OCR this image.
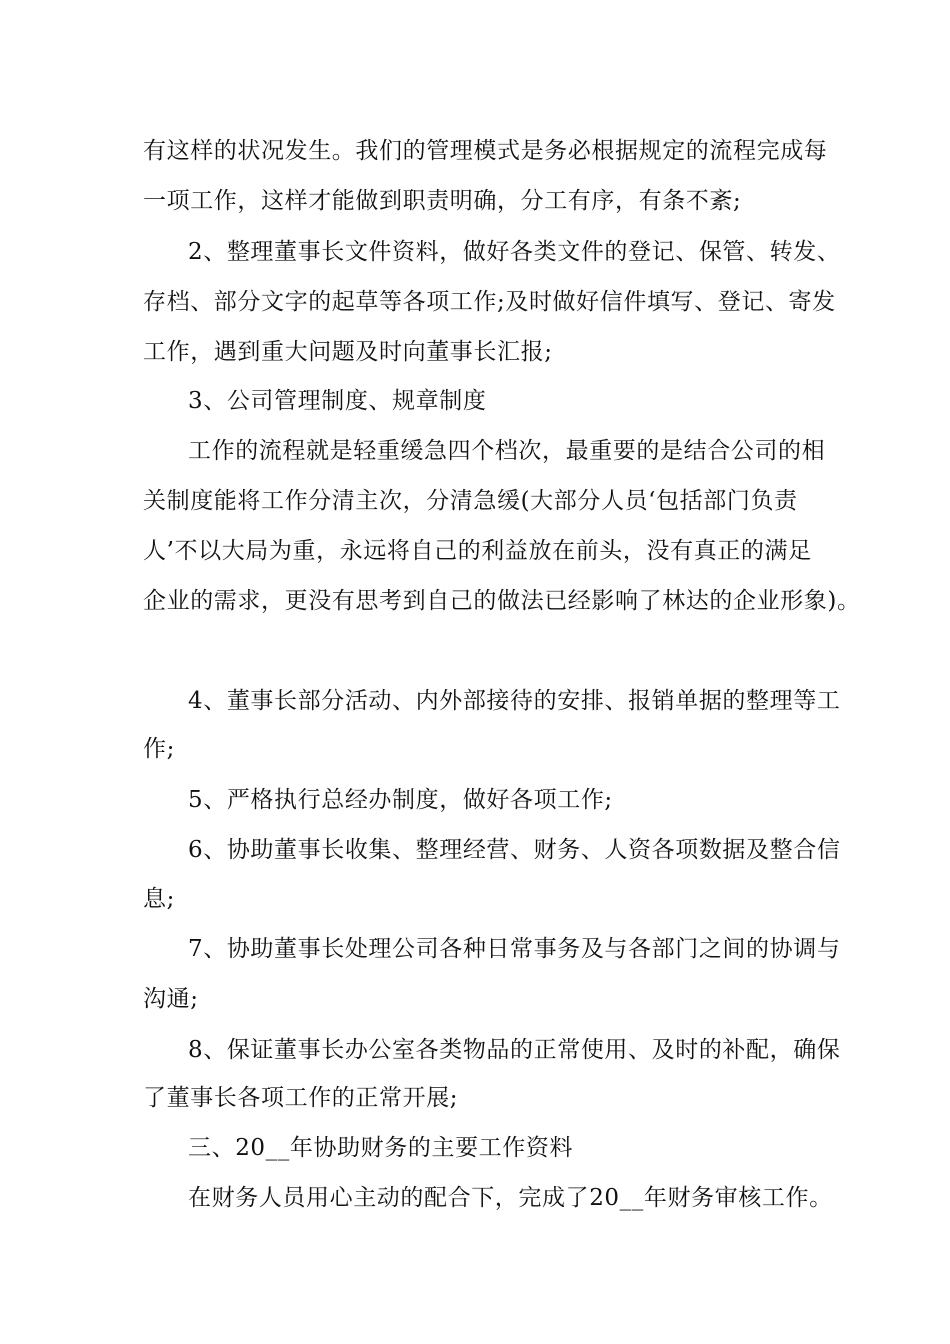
有这样的状况发生。我们的管理模式是务必根据规定的流程完成每
一项工作，这样才能做到职责明确，分工有序，有条不紊;
2、整理董事长文件资料，做好各类文件的登记、保管、转发、
存档、部分文字的起草等各项工作;及时做好信件填写、登记、寄发
工作，遇到重大问题及时向董事长汇报;
3、公司管理制度、规章制度
工作的流程就是轻重缓急四个档次，最重要的是结合公司的相
关制度能将工作分清主次，分清急缓(大部分人员‘包括部门负责
人’不以大局为重，永远将自己的利益放在前头，没有真正的满足
企业的需求，更没有思考到自己的做法已经影响了林达的企业形象)。
4、董事长部分活动、内外部接待的安排、报销单据的整理等工
作;
5、严格执行总经办制度，做好各项工作;
6、协助董事长收集、整理经营、财务、人资各项数据及整合信
息;
7、协助董事长处理公司各种日常事务及与各部门之间的协调与
沟通;
8、保证董事长办公室各类物品的正常使用、及时的补配，确保
了董事长各项工作的正常开展;
三、20__年协助财务的主要工作资料
在财务人员用心主动的配合下，完成了20__年财务审核工作。
